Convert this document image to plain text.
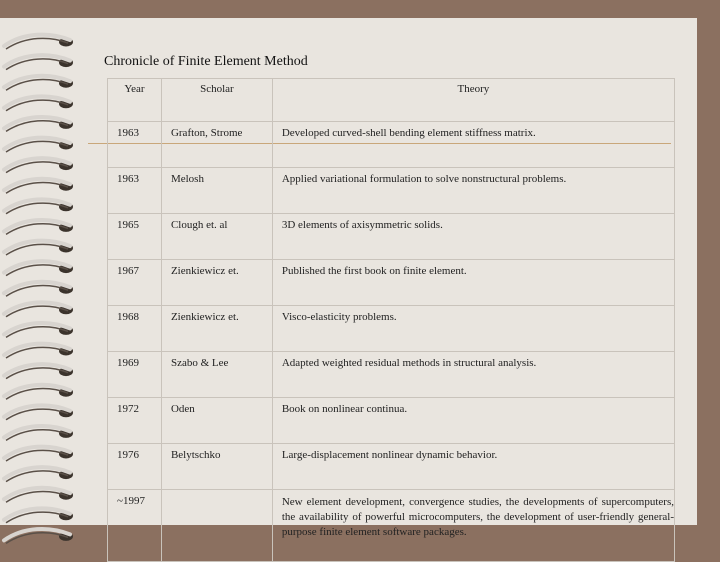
Chronicle of Finite Element Method
Year	Scholar	Theory
1963	Grafton, Strome	Developed curved-shell bending element stiffness matrix.
1963	Melosh	Applied variational formulation to solve nonstructural problems.
1965	Clough et. al	3D elements of axisymmetric solids.
1967	Zienkiewicz et.	Published the first book on finite element.
1968	Zienkiewicz et.	Visco-elasticity problems.
1969	Szabo & Lee	Adapted weighted residual methods in structural analysis.
1972	Oden	Book on nonlinear continua.
1976	Belytschko	Large-displacement nonlinear dynamic behavior.
~1997		New element development, convergence studies, the developments of supercomputers, the availability of powerful microcomputers, the development of user-friendly general-purpose finite element software packages.
